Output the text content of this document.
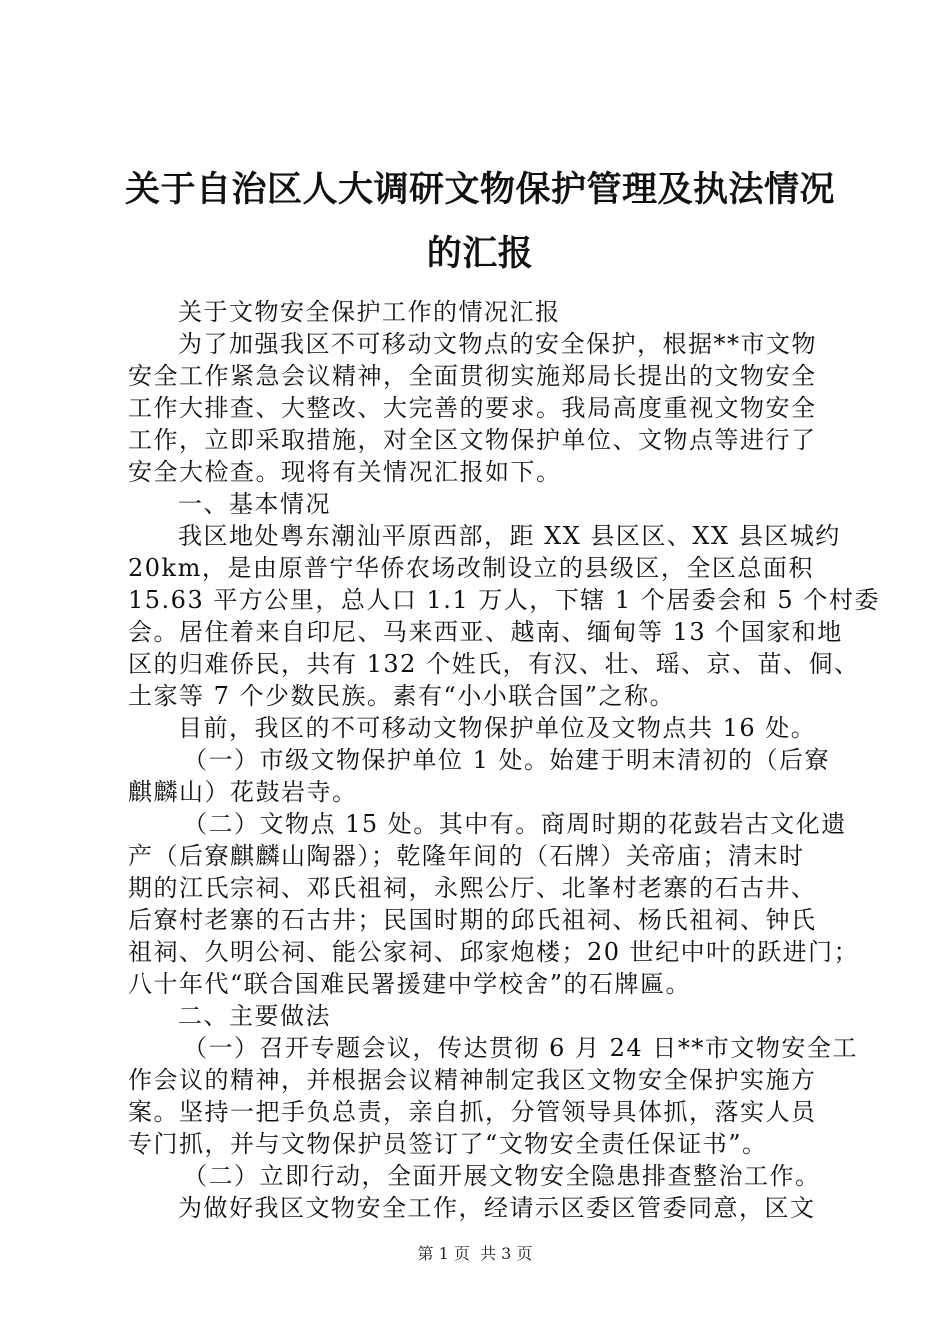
关于自治区人大调研文物保护管理及执法情况
的汇报
关于文物安全保护工作的情况汇报
为了加强我区不可移动文物点的安全保护，根据**市文物
安全工作紧急会议精神，全面贯彻实施郑局长提出的文物安全
工作大排查、大整改、大完善的要求。我局高度重视文物安全
工作，立即采取措施，对全区文物保护单位、文物点等进行了
安全大检查。现将有关情况汇报如下。
一、基本情况
我区地处粤东潮汕平原西部，距 XX 县区区、XX 县区城约
20km，是由原普宁华侨农场改制设立的县级区，全区总面积
15.63 平方公里，总人口 1.1 万人，下辖 1 个居委会和 5 个村委
会。居住着来自印尼、马来西亚、越南、缅甸等 13 个国家和地
区的归难侨民，共有 132 个姓氏，有汉、壮、瑶、京、苗、侗、
土家等 7 个少数民族。素有“小小联合国”之称。
目前，我区的不可移动文物保护单位及文物点共 16 处。
（一）市级文物保护单位 1 处。始建于明末清初的（后寮
麒麟山）花鼓岩寺。
（二）文物点 15 处。其中有。商周时期的花鼓岩古文化遗
产（后寮麒麟山陶器）；乾隆年间的（石牌）关帝庙；清末时
期的江氏宗祠、邓氏祖祠，永熙公厅、北峯村老寨的石古井、
后寮村老寨的石古井；民国时期的邱氏祖祠、杨氏祖祠、钟氏
祖祠、久明公祠、能公家祠、邱家炮楼；20 世纪中叶的跃进门；
八十年代“联合国难民署援建中学校舍”的石牌匾。
二、主要做法
（一）召开专题会议，传达贯彻 6 月 24 日**市文物安全工
作会议的精神，并根据会议精神制定我区文物安全保护实施方
案。坚持一把手负总责，亲自抓，分管领导具体抓，落实人员
专门抓，并与文物保护员签订了“文物安全责任保证书”。
（二）立即行动，全面开展文物安全隐患排查整治工作。
为做好我区文物安全工作，经请示区委区管委同意，区文
第 1 页  共 3 页
